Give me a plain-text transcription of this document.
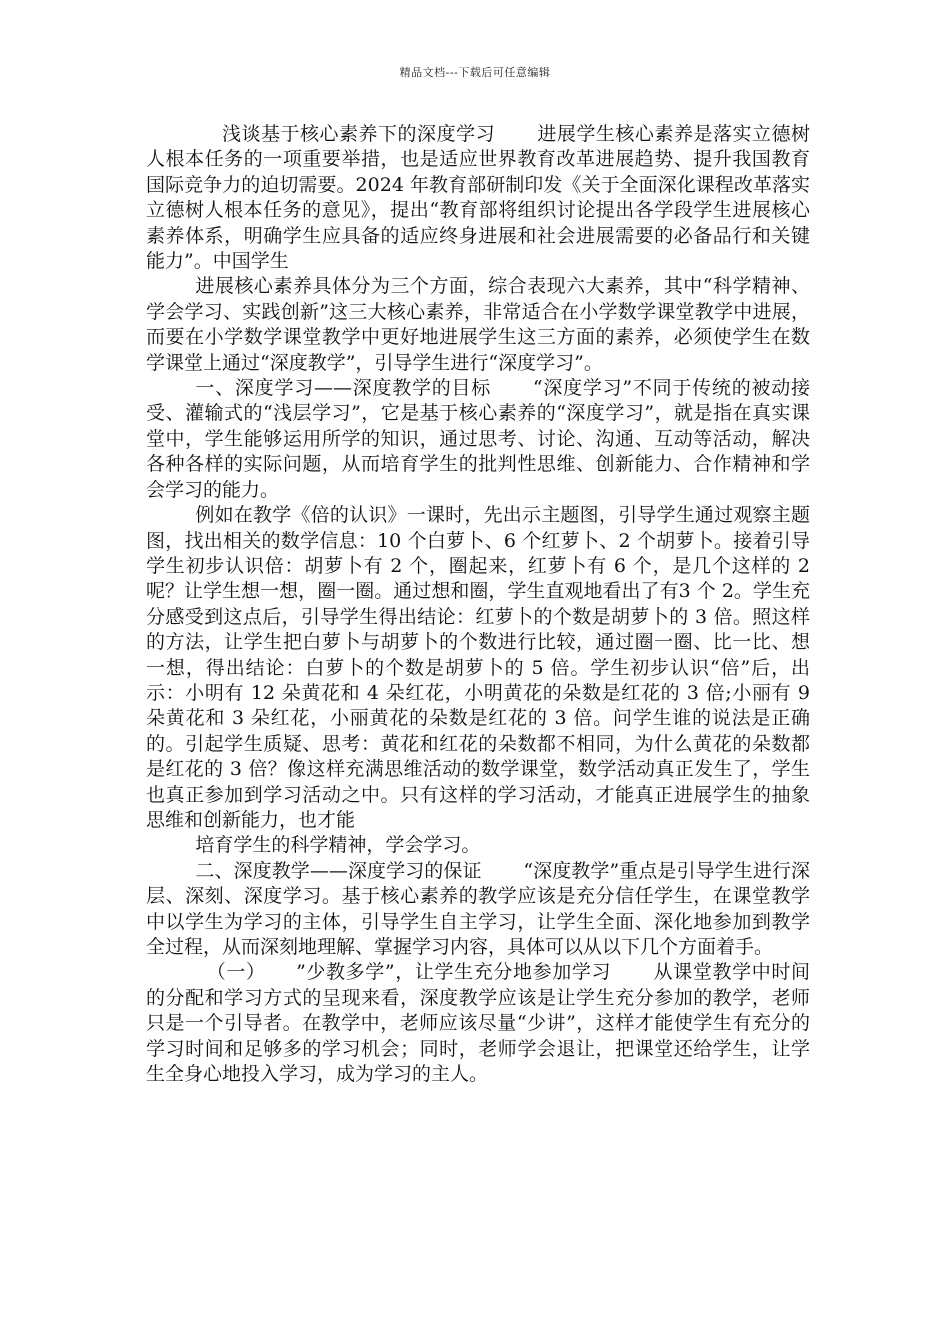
精品文档---下载后可任意编辑

浅谈基于核心素养下的深度学习 进展学生核心素养是落实立德树人根本任务的一项重要举措，也是适应世界教育改革进展趋势、提升我国教育国际竞争力的迫切需要。2024 年教育部研制印发《关于全面深化课程改革落实立德树人根本任务的意见》，提出“教育部将组织讨论提出各学段学生进展核心素养体系，明确学生应具备的适应终身进展和社会进展需要的必备品行和关键能力”。中国学生

进展核心素养具体分为三个方面，综合表现六大素养，其中“科学精神、学会学习、实践创新”这三大核心素养，非常适合在小学数学课堂教学中进展，而要在小学数学课堂教学中更好地进展学生这三方面的素养，必须使学生在数学课堂上通过“深度教学”，引导学生进行“深度学习”。

一、深度学习——深度教学的目标 “深度学习”不同于传统的被动接受、灌输式的“浅层学习”，它是基于核心素养的“深度学习”，就是指在真实课堂中，学生能够运用所学的知识，通过思考、讨论、沟通、互动等活动，解决各种各样的实际问题，从而培育学生的批判性思维、创新能力、合作精神和学会学习的能力。

例如在教学《倍的认识》一课时，先出示主题图，引导学生通过观察主题图，找出相关的数学信息：10 个白萝卜、6 个红萝卜、2 个胡萝卜。接着引导学生初步认识倍：胡萝卜有 2 个，圈起来，红萝卜有 6 个，是几个这样的 2 呢？让学生想一想，圈一圈。通过想和圈，学生直观地看出了有3 个 2。学生充分感受到这点后，引导学生得出结论：红萝卜的个数是胡萝卜的 3 倍。照这样的方法，让学生把白萝卜与胡萝卜的个数进行比较，通过圈一圈、比一比、想一想，得出结论：白萝卜的个数是胡萝卜的 5 倍。学生初步认识“倍”后，出示：小明有 12 朵黄花和 4 朵红花，小明黄花的朵数是红花的 3 倍;小丽有 9 朵黄花和 3 朵红花，小丽黄花的朵数是红花的 3 倍。问学生谁的说法是正确的。引起学生质疑、思考：黄花和红花的朵数都不相同，为什么黄花的朵数都是红花的 3 倍？像这样充满思维活动的数学课堂，数学活动真正发生了，学生也真正参加到学习活动之中。只有这样的学习活动，才能真正进展学生的抽象思维和创新能力，也才能

培育学生的科学精神，学会学习。

二、深度教学——深度学习的保证 “深度教学”重点是引导学生进行深层、深刻、深度学习。基于核心素养的教学应该是充分信任学生，在课堂教学中以学生为学习的主体，引导学生自主学习，让学生全面、深化地参加到教学全过程，从而深刻地理解、掌握学习内容，具体可以从以下几个方面着手。

（一） ”少教多学”，让学生充分地参加学习 从课堂教学中时间的分配和学习方式的呈现来看，深度教学应该是让学生充分参加的教学，老师只是一个引导者。在教学中，老师应该尽量“少讲”，这样才能使学生有充分的学习时间和足够多的学习机会；同时，老师学会退让，把课堂还给学生，让学生全身心地投入学习，成为学习的主人。
